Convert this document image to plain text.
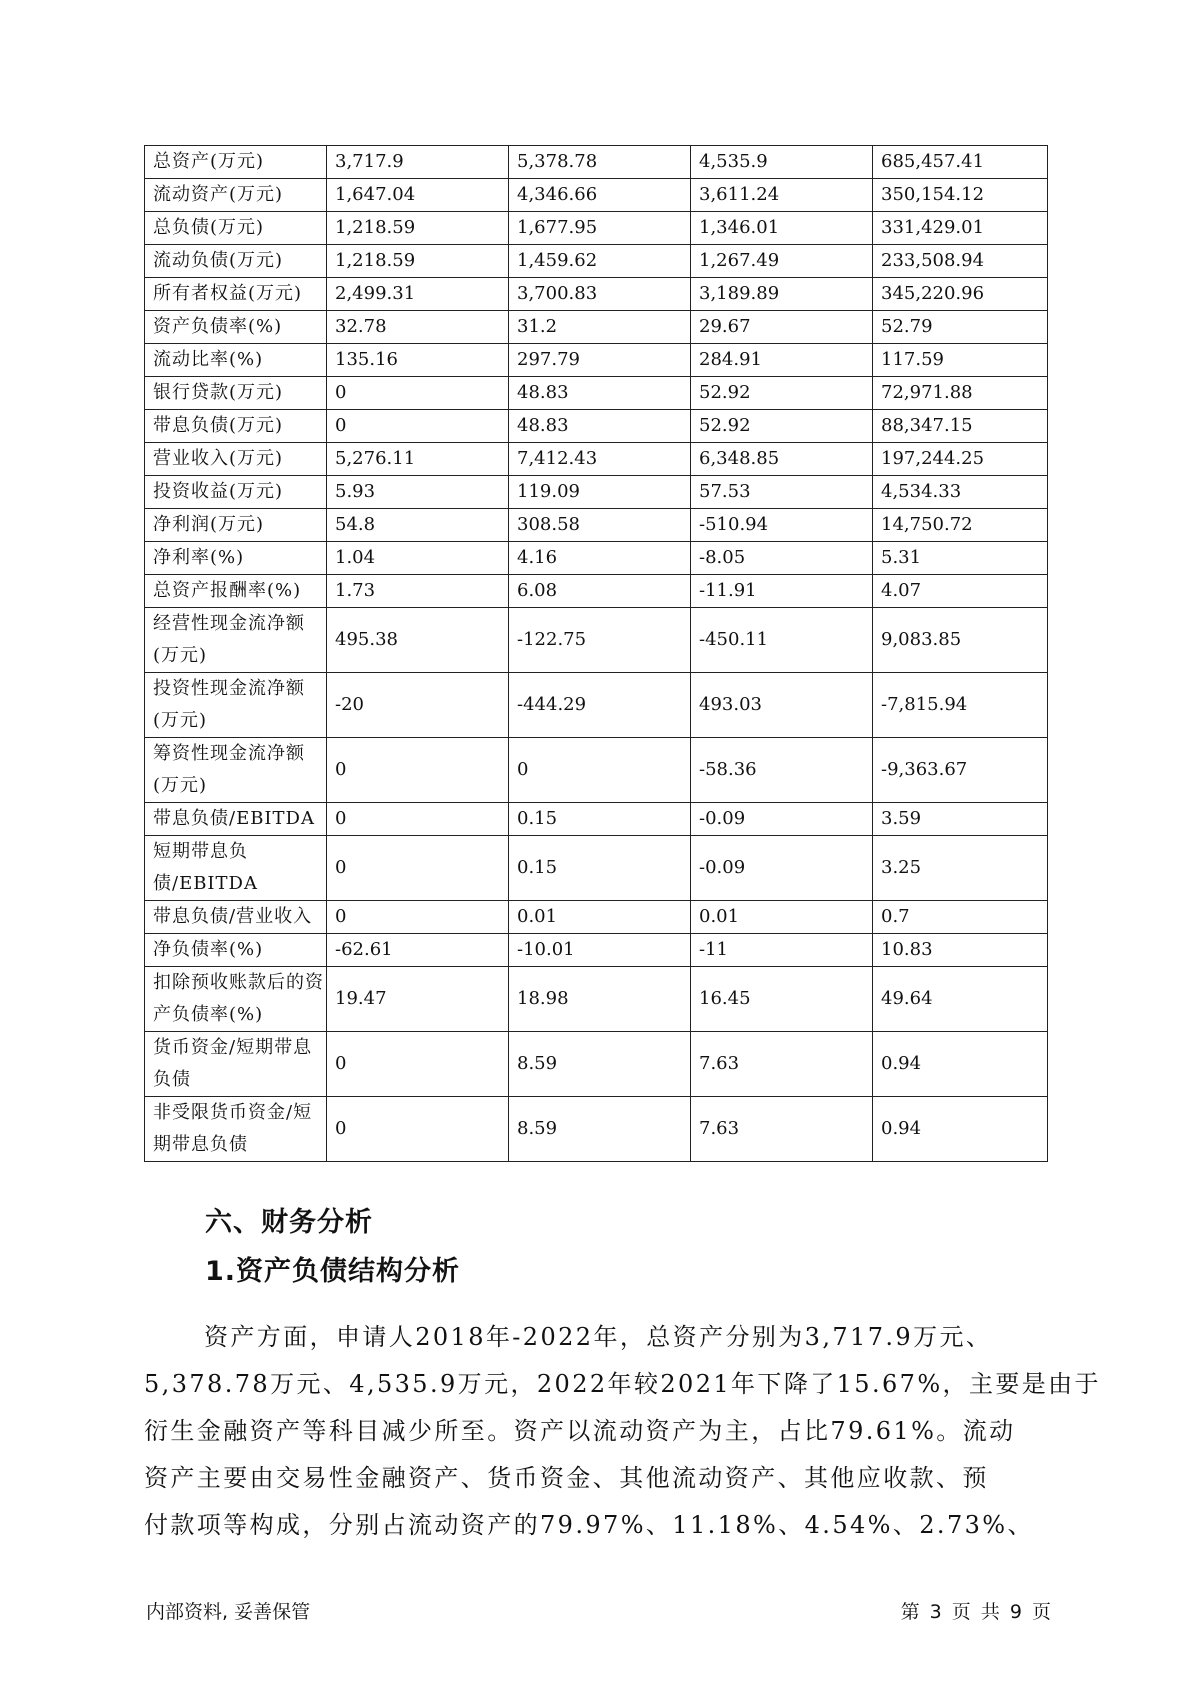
总资产(万元)	3,717.9	5,378.78	4,535.9	685,457.41
流动资产(万元)	1,647.04	4,346.66	3,611.24	350,154.12
总负债(万元)	1,218.59	1,677.95	1,346.01	331,429.01
流动负债(万元)	1,218.59	1,459.62	1,267.49	233,508.94
所有者权益(万元)	2,499.31	3,700.83	3,189.89	345,220.96
资产负债率(%)	32.78	31.2	29.67	52.79
流动比率(%)	135.16	297.79	284.91	117.59
银行贷款(万元)	0	48.83	52.92	72,971.88
带息负债(万元)	0	48.83	52.92	88,347.15
营业收入(万元)	5,276.11	7,412.43	6,348.85	197,244.25
投资收益(万元)	5.93	119.09	57.53	4,534.33
净利润(万元)	54.8	308.58	-510.94	14,750.72
净利率(%)	1.04	4.16	-8.05	5.31
总资产报酬率(%)	1.73	6.08	-11.91	4.07
经营性现金流净额(万元)	495.38	-122.75	-450.11	9,083.85
投资性现金流净额(万元)	-20	-444.29	493.03	-7,815.94
筹资性现金流净额(万元)	0	0	-58.36	-9,363.67
带息负债/EBITDA	0	0.15	-0.09	3.59
短期带息负债/EBITDA	0	0.15	-0.09	3.25
带息负债/营业收入	0	0.01	0.01	0.7
净负债率(%)	-62.61	-10.01	-11	10.83
扣除预收账款后的资产负债率(%)	19.47	18.98	16.45	49.64
货币资金/短期带息负债	0	8.59	7.63	0.94
非受限货币资金/短期带息负债	0	8.59	7.63	0.94
六、财务分析
1.资产负债结构分析
资产方面，申请人2018年-2022年，总资产分别为3,717.9万元、
5,378.78万元、4,535.9万元，2022年较2021年下降了15.67%，主要是由于
衍生金融资产等科目减少所至。资产以流动资产为主，占比79.61%。流动
资产主要由交易性金融资产、货币资金、其他流动资产、其他应收款、预
付款项等构成，分别占流动资产的79.97%、11.18%、4.54%、2.73%、
内部资料, 妥善保管	第 3 页 共 9 页
